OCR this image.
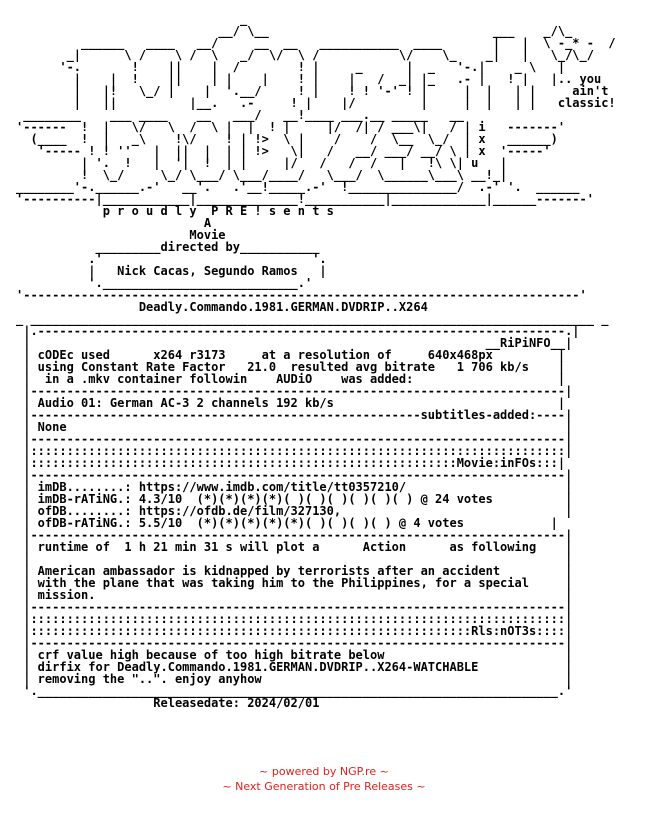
_
__/ \__                               ___    _/\_
______   ____   __/     __  __   ___________  ____       |   |  \ -_* -  /
_|      \ /    \ /  \   _/  \/  \ /           \/    \_    _|   |   \_/\_/
'-.       !    ||    |  /        ! |     _      |  _   '-.|    _ \   |
|    |  !    ||    | |    |    ! |    |   /  _| |_   .- |   ! |   |.. you
|   |!   \_/ |    |  '.__/     ! |    ! ! '-' ! |     |  |   | |     ain't
|   ||          |__.   .-     ! |    |/         |     |  |   | |   classic!
________    ___ ____    __   ___/   __!____ ___.__ _____   __
'------  !  |   \/   \  /  \ |  |  ! |     |/  /| / ___\|   / | i   -------'
(____  !  |   _\    !\/    ! | !>  \ |    /    /  \__  \_/  | x   ______)
'----- ! ! ''   |  ||  |  | | !>   \|   /   __/ ___/ __/ \ | x  '-----'
| '.  !   |  '|  !  | |     |/   /   /  /   |   !\ \| u   |
!  \_/     \_/ \___/ \___/____/   \___/  \______\___\ __!_|
________'-.______.-'   __'.   .'__!_____.-'  !_______________/  .-' '.  ______
'----------|____________|______________!___________|_____________|______-------'
p r o u d l y  P R E ! s e n t s
A
Movie
_________directed by___________
.'                             '.
|   Nick Cacas, Segundo Ramos   |
'.___________________________.'
'-----------------------------------------------------------------------------'
Deadly.Commando.1981.GERMAN.DVDRIP..X264
_ ______________________________________________________________________________ _
|.-------------------------------------------------------------------------.|
|                                                               __RiPiNFO__|
| cODEc used      x264 r3173     at a resolution of     640x468px         |
| using Constant Rate Factor   21.0  resulted avg bitrate   1 706 kb/s    |
|  in a .mkv container followin    AUDiO    was added:                    |
|--------------------------------------------------------------------------|
| Audio 01: German AC-3 2 channels 192 kb/s                               |
|------------------------------------------------------subtitles-added:----|
| None                                                                     |
|--------------------------------------------------------------------------|
|::::::::::::::::::::::::::::::::::::::::::::::::::::::::::::::::::::::::::|
|:::::::::::::::::::::::::::::::::::::::::::::::::::::::::::Movie:inFOs:::|
|--------------------------------------------------------------------------|
| imDB........: https://www.imdb.com/title/tt0357210/                      |
| imDB-rATiNG.: 4.3/10  (*)(*)(*)(*)( )( )( )( )( )( ) @ 24 votes          |
| ofDB........: https://ofdb.de/film/327130,                               |
| ofDB-rATiNG.: 5.5/10  (*)(*)(*)(*)(*)( )( )( )( ) @ 4 votes            |
|--------------------------------------------------------------------------|
| runtime of  1 h 21 min 31 s will plot a      Action      as following    |
|                                                                          |
| American ambassador is kidnapped by terrorists after an accident         |
| with the plane that was taking him to the Philippines, for a special     |
| mission.                                                                 |
|--------------------------------------------------------------------------|
|::::::::::::::::::::::::::::::::::::::::::::::::::::::::::::::::::::::::::|
|:::::::::::::::::::::::::::::::::::::::::::::::::::::::::::::Rls:nOT3s::::|
|--------------------------------------------------------------------------|
| crf value high because of too high bitrate below                         |
| dirfix for Deadly.Commando.1981.GERMAN.DVDRIP..X264-WATCHABLE            |
| removing the "..". enjoy anyhow                                          |
'.________________________________________________________________________.'
Releasedate: 2024/02/01
~ powered by NGP.re ~
~ Next Generation of Pre Releases ~
